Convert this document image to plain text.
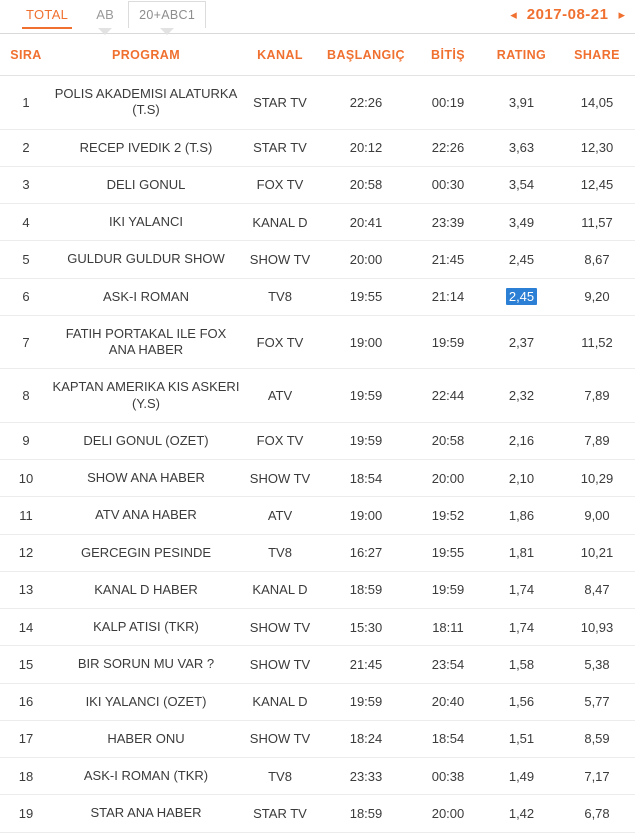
TOTAL	AB	20+ABC1	◂ 2017-08-21 ▸
SIRA	PROGRAM	KANAL	BAŞLANGIÇ	BİTİŞ	RATING	SHARE
1	POLIS AKADEMISI ALATURKA (T.S)	STAR TV	22:26	00:19	3,91	14,05
2	RECEP IVEDIK 2 (T.S)	STAR TV	20:12	22:26	3,63	12,30
3	DELI GONUL	FOX TV	20:58	00:30	3,54	12,45
4	IKI YALANCI	KANAL D	20:41	23:39	3,49	11,57
5	GULDUR GULDUR SHOW	SHOW TV	20:00	21:45	2,45	8,67
6	ASK-I ROMAN	TV8	19:55	21:14	2,45	9,20
7	FATIH PORTAKAL ILE FOX ANA HABER	FOX TV	19:00	19:59	2,37	11,52
8	KAPTAN AMERIKA KIS ASKERI (Y.S)	ATV	19:59	22:44	2,32	7,89
9	DELI GONUL (OZET)	FOX TV	19:59	20:58	2,16	7,89
10	SHOW ANA HABER	SHOW TV	18:54	20:00	2,10	10,29
11	ATV ANA HABER	ATV	19:00	19:52	1,86	9,00
12	GERCEGIN PESINDE	TV8	16:27	19:55	1,81	10,21
13	KANAL D HABER	KANAL D	18:59	19:59	1,74	8,47
14	KALP ATISI (TKR)	SHOW TV	15:30	18:11	1,74	10,93
15	BIR SORUN MU VAR ?	SHOW TV	21:45	23:54	1,58	5,38
16	IKI YALANCI (OZET)	KANAL D	19:59	20:40	1,56	5,77
17	HABER ONU	SHOW TV	18:24	18:54	1,51	8,59
18	ASK-I ROMAN (TKR)	TV8	23:33	00:38	1,49	7,17
19	STAR ANA HABER	STAR TV	18:59	20:00	1,42	6,78
